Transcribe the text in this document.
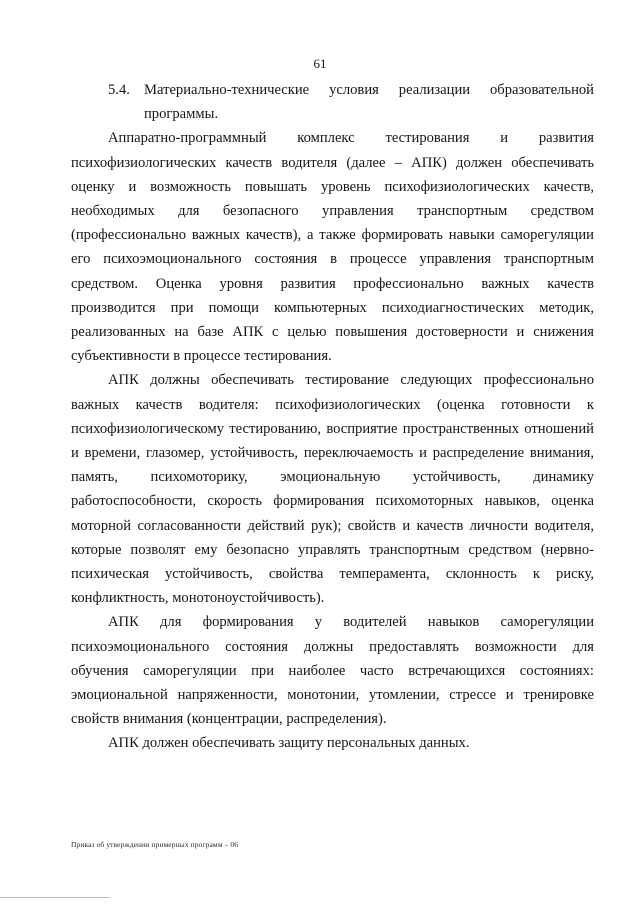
61
5.4. Материально-технические условия реализации образовательной программы.

Аппаратно-программный комплекс тестирования и развития психофизиологических качеств водителя (далее – АПК) должен обеспечивать оценку и возможность повышать уровень психофизиологических качеств, необходимых для безопасного управления транспортным средством (профессионально важных качеств), а также формировать навыки саморегуляции его психоэмоционального состояния в процессе управления транспортным средством. Оценка уровня развития профессионально важных качеств производится при помощи компьютерных психодиагностических методик, реализованных на базе АПК с целью повышения достоверности и снижения субъективности в процессе тестирования.

АПК должны обеспечивать тестирование следующих профессионально важных качеств водителя: психофизиологических (оценка готовности к психофизиологическому тестированию, восприятие пространственных отношений и времени, глазомер, устойчивость, переключаемость и распределение внимания, память, психомоторику, эмоциональную устойчивость, динамику работоспособности, скорость формирования психомоторных навыков, оценка моторной согласованности действий рук); свойств и качеств личности водителя, которые позволят ему безопасно управлять транспортным средством (нервно-психическая устойчивость, свойства темперамента, склонность к риску, конфликтность, монотоноустойчивость).

АПК для формирования у водителей навыков саморегуляции психоэмоционального состояния должны предоставлять возможности для обучения саморегуляции при наиболее часто встречающихся состояниях: эмоциональной напряженности, монотонии, утомлении, стрессе и тренировке свойств внимания (концентрации, распределения).

АПК должен обеспечивать защиту персональных данных.

Приказ об утверждении примерных программ – 06
